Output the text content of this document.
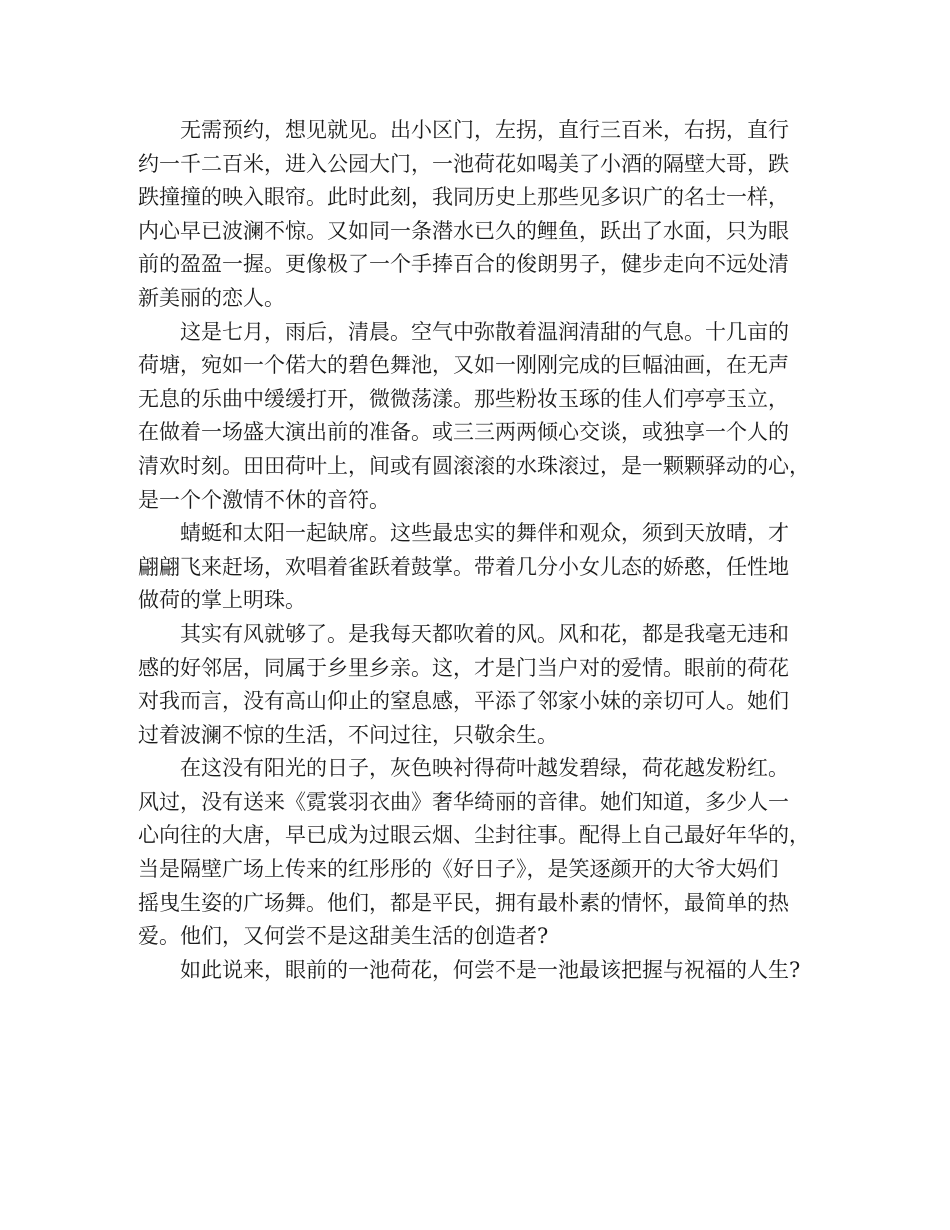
无需预约，想见就见。出小区门，左拐，直行三百米，右拐，直行
约一千二百米，进入公园大门，一池荷花如喝美了小酒的隔壁大哥，跌
跌撞撞的映入眼帘。此时此刻，我同历史上那些见多识广的名士一样，
内心早已波澜不惊。又如同一条潜水已久的鲤鱼，跃出了水面，只为眼
前的盈盈一握。更像极了一个手捧百合的俊朗男子，健步走向不远处清
新美丽的恋人。

这是七月，雨后，清晨。空气中弥散着温润清甜的气息。十几亩的
荷塘，宛如一个偌大的碧色舞池，又如一刚刚完成的巨幅油画，在无声
无息的乐曲中缓缓打开，微微荡漾。那些粉妆玉琢的佳人们亭亭玉立，
在做着一场盛大演出前的准备。或三三两两倾心交谈，或独享一个人的
清欢时刻。田田荷叶上，间或有圆滚滚的水珠滚过，是一颗颗驿动的心，
是一个个激情不休的音符。

蜻蜓和太阳一起缺席。这些最忠实的舞伴和观众，须到天放晴，才
翩翩飞来赶场，欢唱着雀跃着鼓掌。带着几分小女儿态的娇憨，任性地
做荷的掌上明珠。

其实有风就够了。是我每天都吹着的风。风和花，都是我毫无违和
感的好邻居，同属于乡里乡亲。这，才是门当户对的爱情。眼前的荷花
对我而言，没有高山仰止的窒息感，平添了邻家小妹的亲切可人。她们
过着波澜不惊的生活，不问过往，只敬余生。

在这没有阳光的日子，灰色映衬得荷叶越发碧绿，荷花越发粉红。
风过，没有送来《霓裳羽衣曲》奢华绮丽的音律。她们知道，多少人一
心向往的大唐，早已成为过眼云烟、尘封往事。配得上自己最好年华的，
当是隔壁广场上传来的红彤彤的《好日子》，是笑逐颜开的大爷大妈们
摇曳生姿的广场舞。他们，都是平民，拥有最朴素的情怀，最简单的热
爱。他们，又何尝不是这甜美生活的创造者?

如此说来，眼前的一池荷花，何尝不是一池最该把握与祝福的人生?
